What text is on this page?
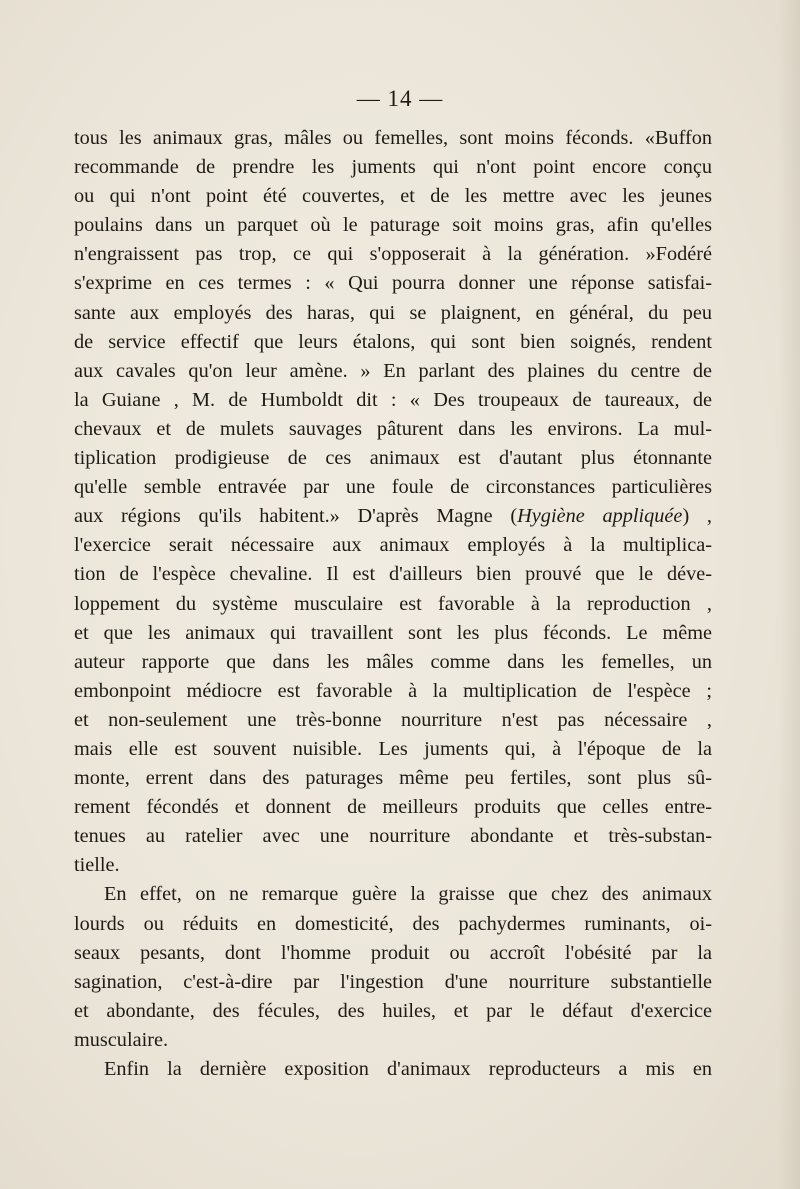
— 14 —
tous les animaux gras, mâles ou femelles, sont moins féconds. «Buffon
recommande de prendre les juments qui n'ont point encore conçu
ou qui n'ont point été couvertes, et de les mettre avec les jeunes
poulains dans un parquet où le paturage soit moins gras, afin qu'elles
n'engraissent pas trop, ce qui s'opposerait à la génération. »Fodéré
s'exprime en ces termes : « Qui pourra donner une réponse satisfai-
sante aux employés des haras, qui se plaignent, en général, du peu
de service effectif que leurs étalons, qui sont bien soignés, rendent
aux cavales qu'on leur amène. » En parlant des plaines du centre de
la Guiane , M. de Humboldt dit : « Des troupeaux de taureaux, de
chevaux et de mulets sauvages pâturent dans les environs. La mul-
tiplication prodigieuse de ces animaux est d'autant plus étonnante
qu'elle semble entravée par une foule de circonstances particulières
aux régions qu'ils habitent.» D'après Magne (Hygiène appliquée) ,
l'exercice serait nécessaire aux animaux employés à la multiplica-
tion de l'espèce chevaline. Il est d'ailleurs bien prouvé que le déve-
loppement du système musculaire est favorable à la reproduction ,
et que les animaux qui travaillent sont les plus féconds. Le même
auteur rapporte que dans les mâles comme dans les femelles, un
embonpoint médiocre est favorable à la multiplication de l'espèce ;
et non-seulement une très-bonne nourriture n'est pas nécessaire ,
mais elle est souvent nuisible. Les juments qui, à l'époque de la
monte, errent dans des paturages même peu fertiles, sont plus sû-
rement fécondés et donnent de meilleurs produits que celles entre-
tenues au ratelier avec une nourriture abondante et très-substan-
tielle.
En effet, on ne remarque guère la graisse que chez des animaux
lourds ou réduits en domesticité, des pachydermes ruminants, oi-
seaux pesants, dont l'homme produit ou accroît l'obésité par la
sagination, c'est-à-dire par l'ingestion d'une nourriture substantielle
et abondante, des fécules, des huiles, et par le défaut d'exercice
musculaire.
Enfin la dernière exposition d'animaux reproducteurs a mis en
